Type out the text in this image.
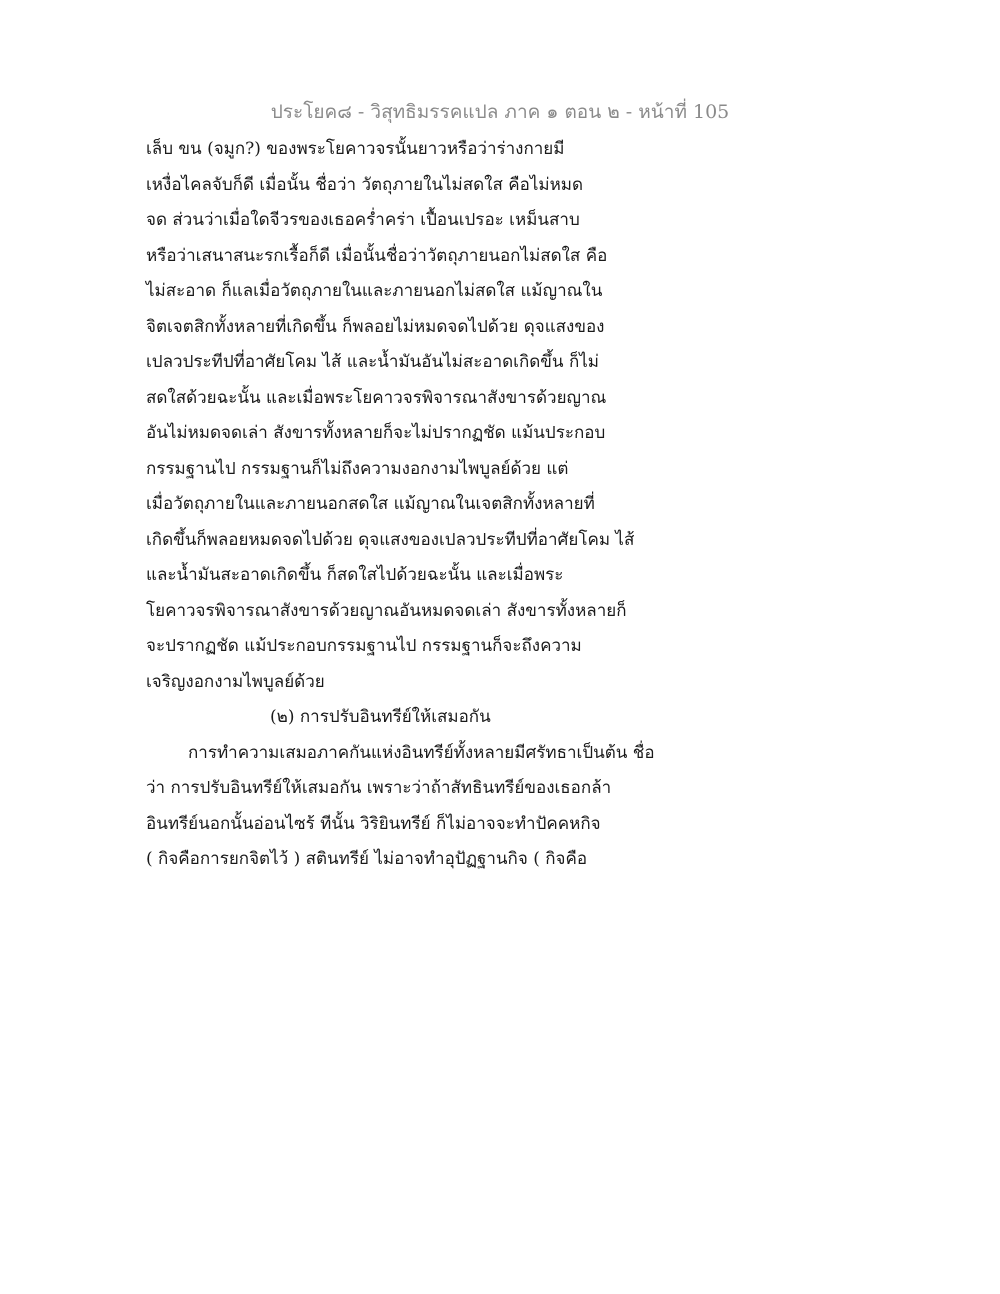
ประโยค๘ - วิสุทธิมรรคแปล ภาค ๑ ตอน ๒ - หน้าที่ 105
เล็บ ขน (จมูก?) ของพระโยคาวจรนั้นยาวหรือว่าร่างกายมี
เหงื่อไคลจับก็ดี เมื่อนั้น ชื่อว่า วัตถุภายในไม่สดใส คือไม่หมด
จด ส่วนว่าเมื่อใดจีวรของเธอคร่ำคร่า เปื้อนเปรอะ เหม็นสาบ
หรือว่าเสนาสนะรกเรื้อก็ดี เมื่อนั้นชื่อว่าวัตถุภายนอกไม่สดใส คือ
ไม่สะอาด ก็แลเมื่อวัตถุภายในและภายนอกไม่สดใส แม้ญาณใน
จิตเจตสิกทั้งหลายที่เกิดขึ้น ก็พลอยไม่หมดจดไปด้วย ดุจแสงของ
เปลวประทีปที่อาศัยโคม ไส้ และน้ำมันอันไม่สะอาดเกิดขึ้น ก็ไม่
สดใสด้วยฉะนั้น และเมื่อพระโยคาวจรพิจารณาสังขารด้วยญาณ
อันไม่หมดจดเล่า สังขารทั้งหลายก็จะไม่ปรากฏชัด แม้นประกอบ
กรรมฐานไป กรรมฐานก็ไม่ถึงความงอกงามไพบูลย์ด้วย แต่
เมื่อวัตถุภายในและภายนอกสดใส แม้ญาณในเจตสิกทั้งหลายที่
เกิดขึ้นก็พลอยหมดจดไปด้วย ดุจแสงของเปลวประทีปที่อาศัยโคม ไส้
และน้ำมันสะอาดเกิดขึ้น ก็สดใสไปด้วยฉะนั้น และเมื่อพระ
โยคาวจรพิจารณาสังขารด้วยญาณอันหมดจดเล่า สังขารทั้งหลายก็
จะปรากฏชัด แม้ประกอบกรรมฐานไป กรรมฐานก็จะถึงความ
เจริญงอกงามไพบูลย์ด้วย
(๒) การปรับอินทรีย์ให้เสมอกัน
การทำความเสมอภาคกันแห่งอินทรีย์ทั้งหลายมีศรัทธาเป็นต้น ชื่อ
ว่า การปรับอินทรีย์ให้เสมอกัน เพราะว่าถ้าสัทธินทรีย์ของเธอกล้า
อินทรีย์นอกนั้นอ่อนไซร้ ทีนั้น วิริยินทรีย์ ก็ไม่อาจจะทำปัคคหกิจ
( กิจคือการยกจิตไว้ ) สตินทรีย์ ไม่อาจทำอุปัฏฐานกิจ ( กิจคือ
